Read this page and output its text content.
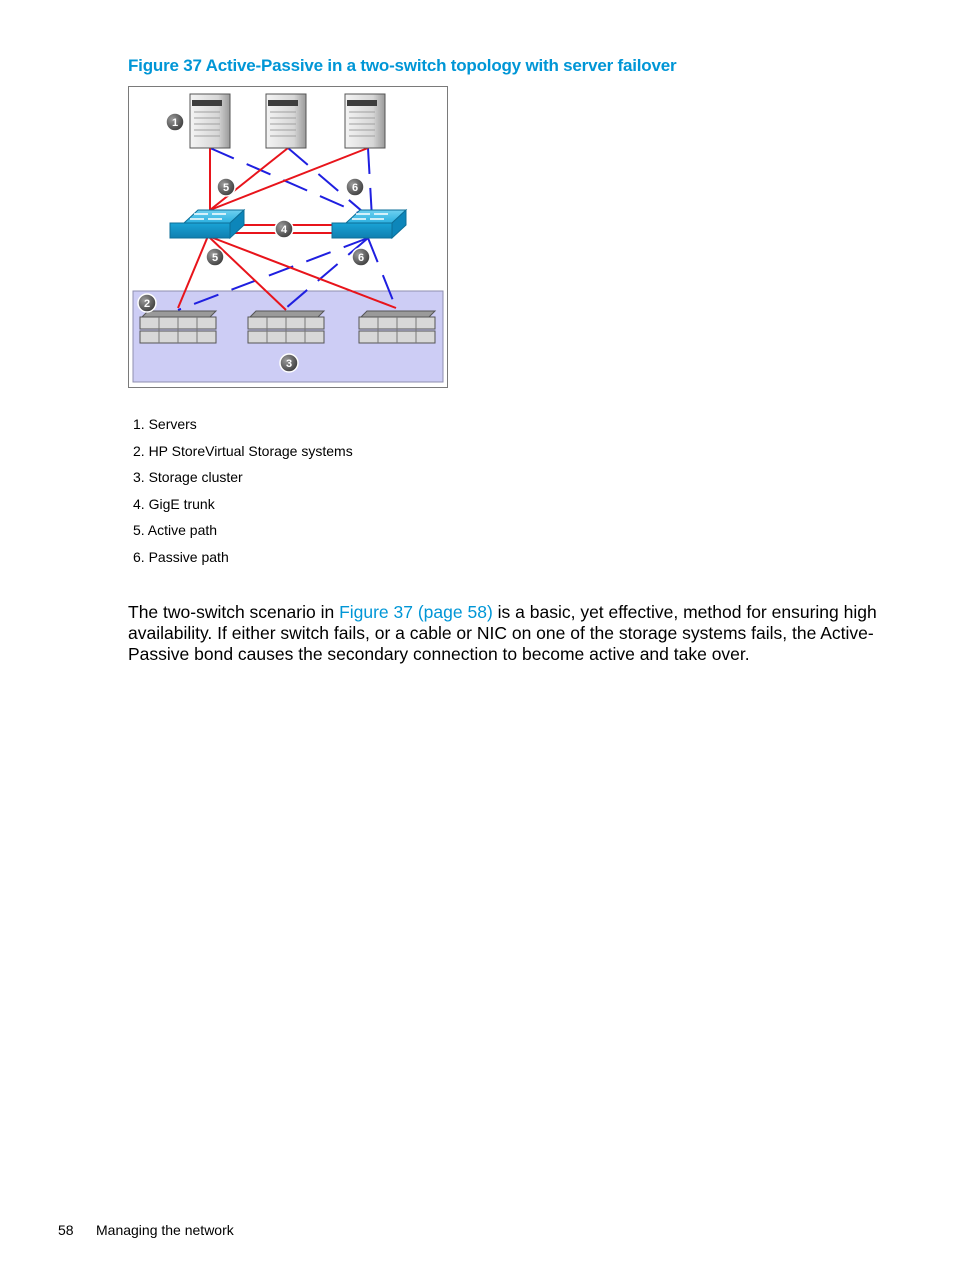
Figure 37 Active-Passive in a two-switch topology with server failover
1
2
3
4
5	6
5	6
1. Servers
2. HP StoreVirtual Storage systems
3. Storage cluster
4. GigE trunk
5. Active path
6. Passive path

The two-switch scenario in Figure 37 (page 58) is a basic, yet effective, method for ensuring high availability. If either switch fails, or a cable or NIC on one of the storage systems fails, the Active-Passive bond causes the secondary connection to become active and take over.

58 Managing the network
